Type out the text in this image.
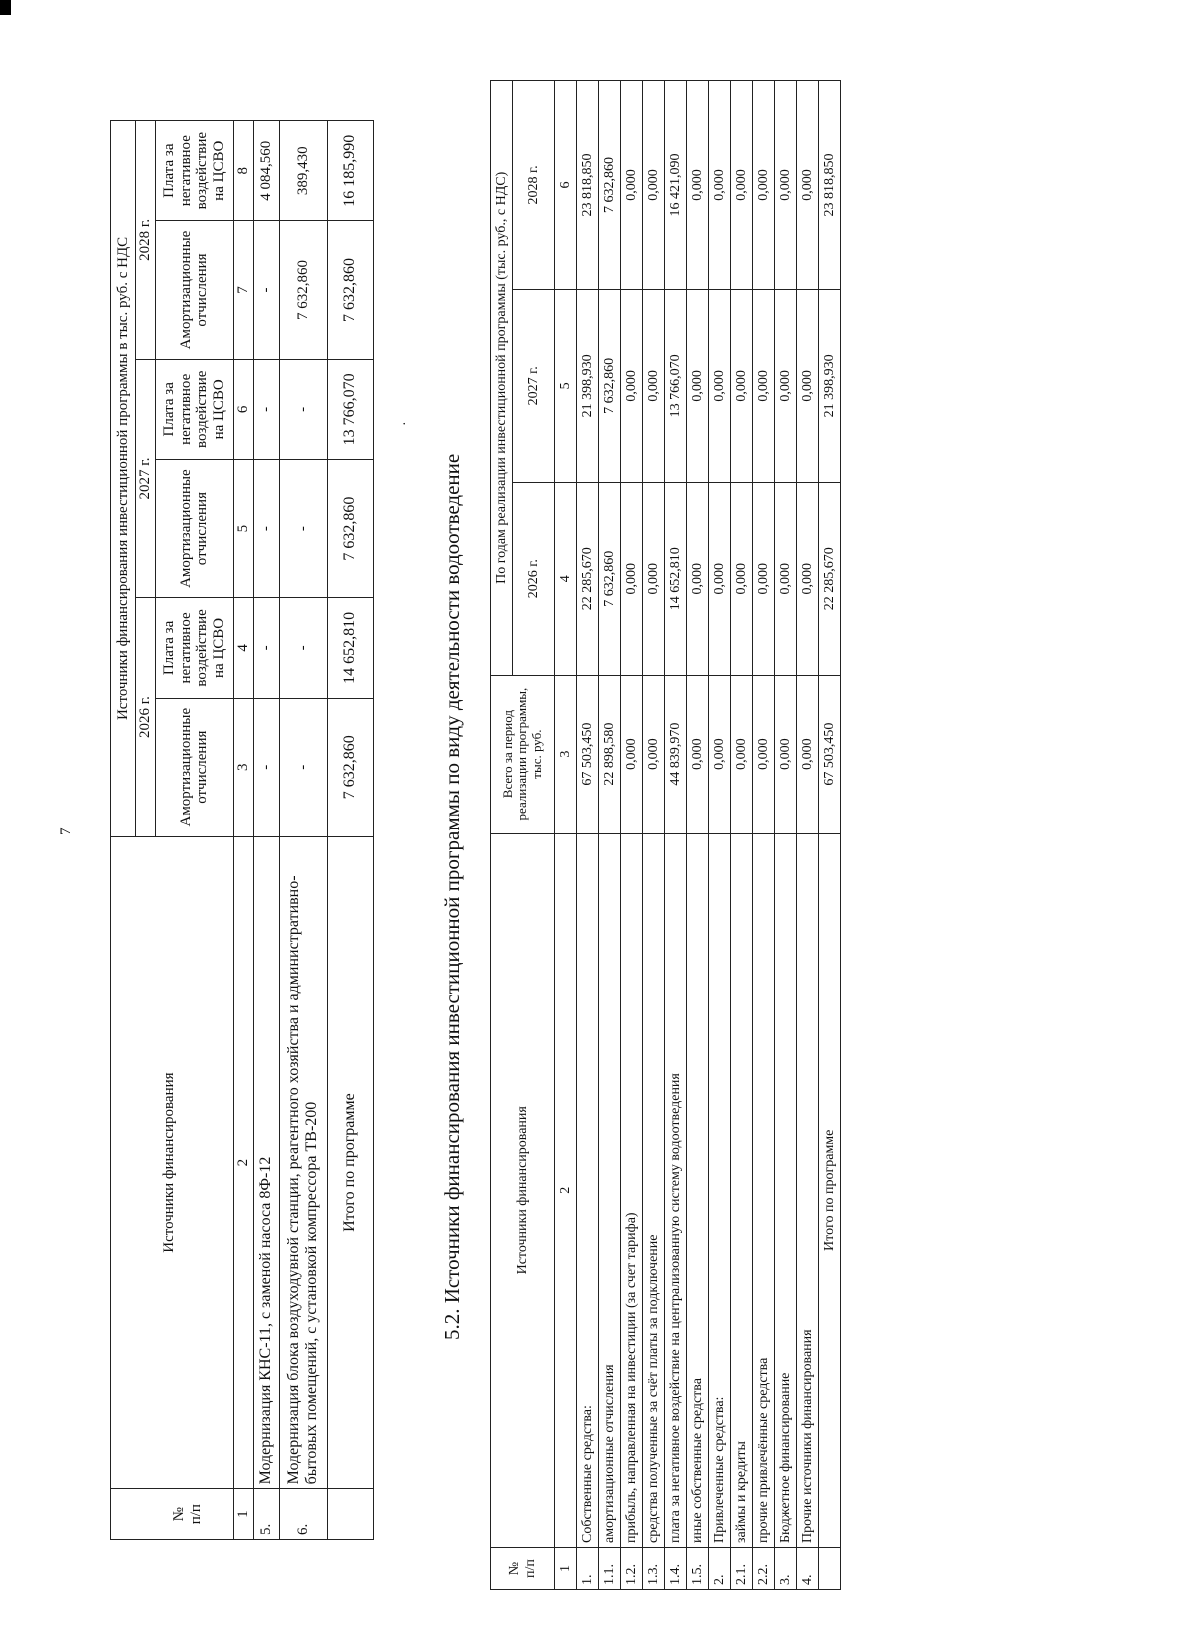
7
№
п/п	Источники финансирования	Источники финансирования инвестиционной программы в тыс. руб. с НДС					
		2026 г.		2027 г.		2028 г.	
		Амортизационные отчисления	Плата за негативное воздействие на ЦСВО	Амортизационные отчисления	Плата за негативное воздействие на ЦСВО	Амортизационные отчисления	Плата за негативное воздействие на ЦСВО
1	2	3	4	5	6	7	8
5.	Модернизация КНС-11, с заменой насоса 8Ф-12	-	-	-	-	-	4 084,560
6.	Модернизация блока воздуходувной станции, реагентного хозяйства и административно-бытовых помещений, с установкой компрессора ТВ-200	-	-	-	-	7 632,860	389,430
	Итого по программе	7 632,860	14 652,810	7 632,860	13 766,070	7 632,860	16 185,990
·
5.2. Источники финансирования инвестиционной программы по виду деятельности водоотведение
№
п/п	Источники финансирования	Всего за период реализации программы, тыс. руб.	По годам реализации инвестиционной программы (тыс. руб., с НДС)		
			2026 г.	2027 г.	2028 г.
1	2	3	4	5	6
1.	Собственные средства:	67 503,450	22 285,670	21 398,930	23 818,850
1.1.	амортизационные отчисления	22 898,580	7 632,860	7 632,860	7 632,860
1.2.	прибыль, направленная на инвестиции (за счет тарифа)	0,000	0,000	0,000	0,000
1.3.	средства полученные за счёт платы за подключение	0,000	0,000	0,000	0,000
1.4.	плата за негативное воздействие на централизованную систему водоотведения	44 839,970	14 652,810	13 766,070	16 421,090
1.5.	иные собственные средства	0,000	0,000	0,000	0,000
2.	Привлеченные средства:	0,000	0,000	0,000	0,000
2.1.	займы и кредиты	0,000	0,000	0,000	0,000
2.2.	прочие привлечённые средства	0,000	0,000	0,000	0,000
3.	Бюджетное финансирование	0,000	0,000	0,000	0,000
4.	Прочие источники финансирования	0,000	0,000	0,000	0,000
	Итого по программе	67 503,450	22 285,670	21 398,930	23 818,850
